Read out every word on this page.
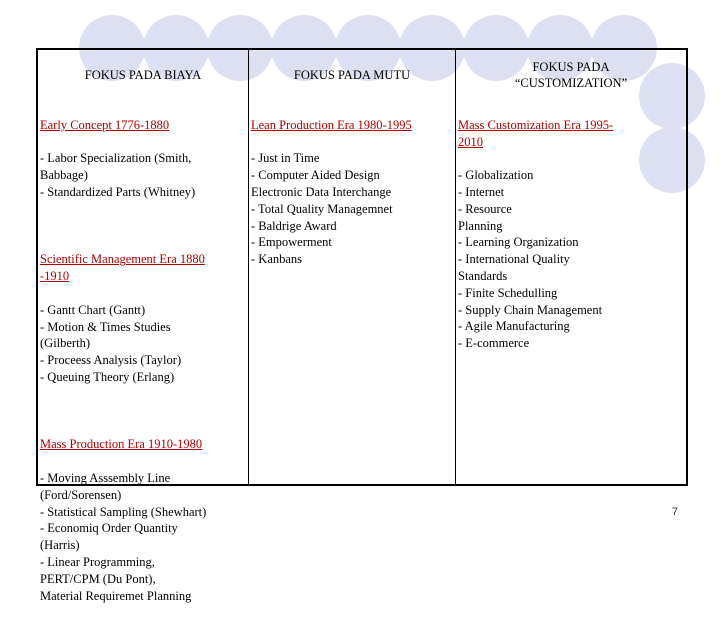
FOKUS PADA BIAYA

Early Concept 1776-1880

- Labor Specialization (Smith,
Babbage)
- Standardized Parts (Whitney)

Scientific Management Era 1880
-1910

- Gantt Chart (Gantt)
- Motion & Times Studies
(Gilberth)
- Proceess Analysis (Taylor)
- Queuing Theory (Erlang)

Mass Production Era 1910-1980

- Moving Asssembly Line
(Ford/Sorensen)
- Statistical Sampling (Shewhart)
- Economiq Order Quantity
(Harris)
- Linear Programming,
PERT/CPM (Du Pont),
Material Requiremet Planning

FOKUS PADA MUTU

Lean Production Era 1980-1995

- Just in Time
- Computer Aided Design
Electronic Data Interchange
- Total Quality Managemnet
- Baldrige Award
- Empowerment
- Kanbans

FOKUS PADA
“CUSTOMIZATION”

Mass Customization Era 1995-
2010

- Globalization
- Internet
- Resource
Planning
- Learning Organization
- International Quality
Standards
- Finite Schedulling
- Supply Chain Management
- Agile Manufacturing
- E-commerce

7
